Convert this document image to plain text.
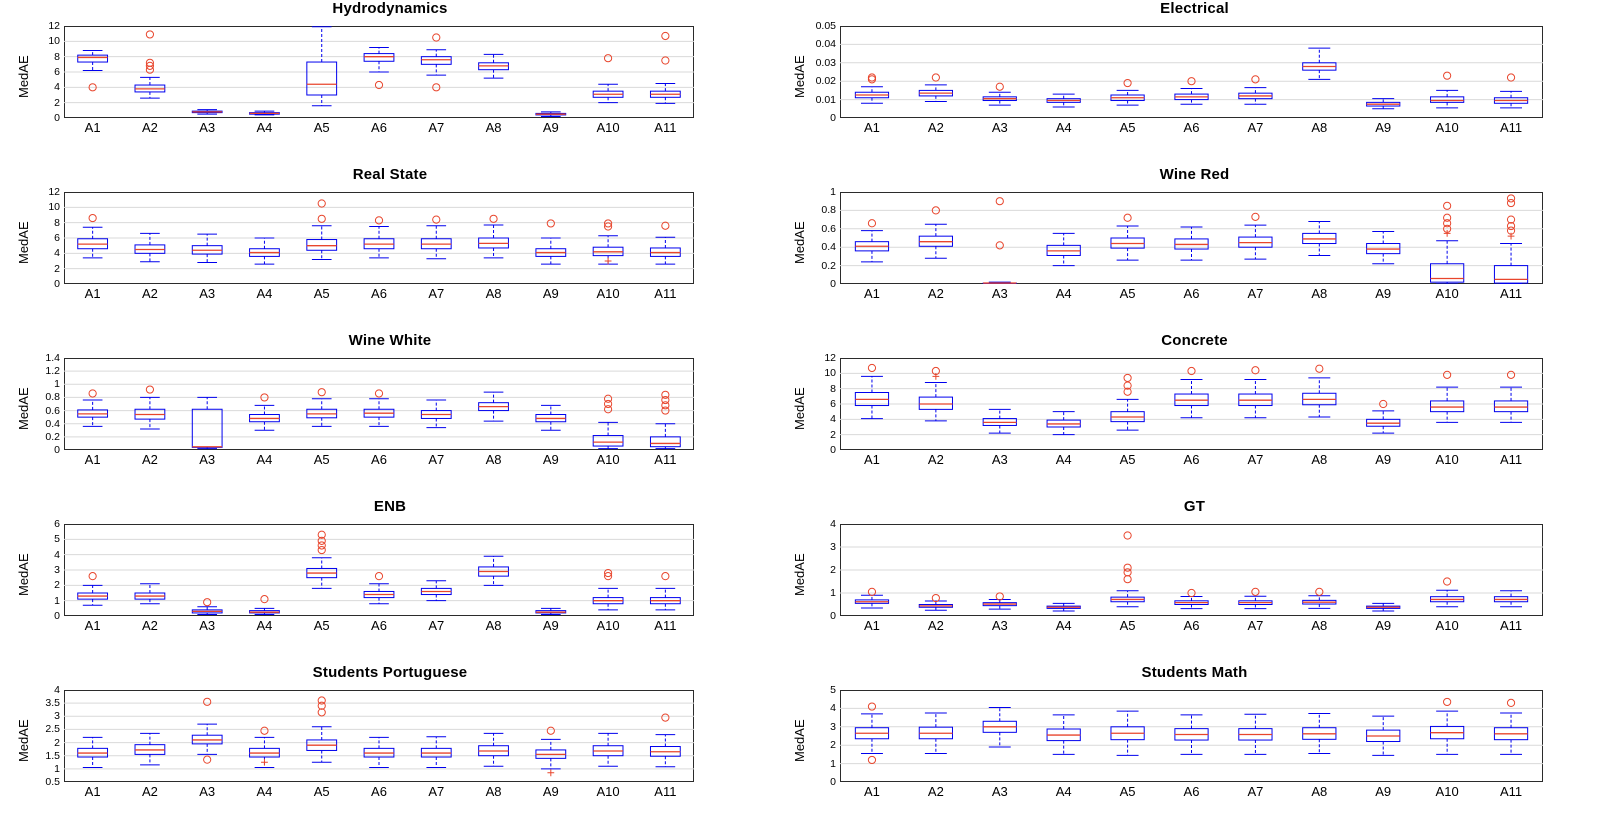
Hydrodynamics
MedAE
0
2
4
6
8
10
12
A1	A2	A3	A4	A5	A6	A7	A8	A9	A10	A11
Electrical
MedAE
0
0.01
0.02
0.03
0.04
0.05
A1	A2	A3	A4	A5	A6	A7	A8	A9	A10	A11
Real State
MedAE
0
2
4
6
8
10
12
A1	A2	A3	A4	A5	A6	A7	A8	A9	A10	A11
Wine Red
MedAE
0
0.2
0.4
0.6
0.8
1
A1	A2	A3	A4	A5	A6	A7	A8	A9	A10	A11
Wine White
MedAE
0
0.2
0.4
0.6
0.8
1
1.2
1.4
A1	A2	A3	A4	A5	A6	A7	A8	A9	A10	A11
Concrete
MedAE
0
2
4
6
8
10
12
A1	A2	A3	A4	A5	A6	A7	A8	A9	A10	A11
ENB
MedAE
0
1
2
3
4
5
6
A1	A2	A3	A4	A5	A6	A7	A8	A9	A10	A11
GT
MedAE
0
1
2
3
4
A1	A2	A3	A4	A5	A6	A7	A8	A9	A10	A11
Students Portuguese
MedAE
0.5
1
1.5
2
2.5
3
3.5
4
A1	A2	A3	A4	A5	A6	A7	A8	A9	A10	A11
Students Math
MedAE
0
1
2
3
4
5
A1	A2	A3	A4	A5	A6	A7	A8	A9	A10	A11
